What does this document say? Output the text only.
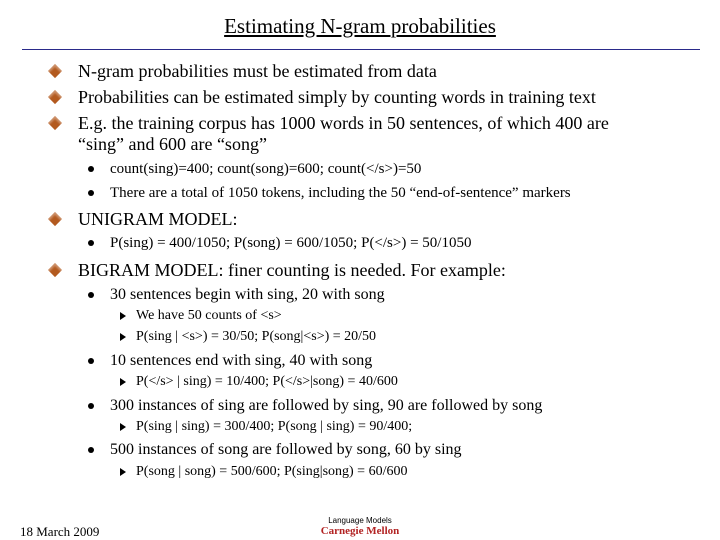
Estimating N-gram probabilities
N-gram probabilities must be estimated from data
Probabilities can be estimated simply by counting words in training text
E.g. the training corpus has 1000 words in 50 sentences, of which 400 are
“sing” and 600 are “song”
count(sing)=400; count(song)=600; count(</s>)=50
There are a total of 1050 tokens, including the 50 “end-of-sentence” markers
UNIGRAM MODEL:
P(sing) = 400/1050; P(song) = 600/1050; P(</s>) = 50/1050
BIGRAM MODEL: finer counting is needed. For example:
30 sentences begin with sing, 20 with song
We have 50 counts of <s>
P(sing | <s>) = 30/50; P(song|<s>) = 20/50
10 sentences end with sing, 40 with song
P(</s> | sing) = 10/400; P(</s>|song) = 40/600
300 instances of sing are followed by sing, 90 are followed by song
P(sing | sing) = 300/400; P(song | sing) = 90/400;
500 instances of song are followed by song, 60 by sing
P(song | song) = 500/600; P(sing|song) = 60/600
18 March 2009
Language Models
Carnegie Mellon
